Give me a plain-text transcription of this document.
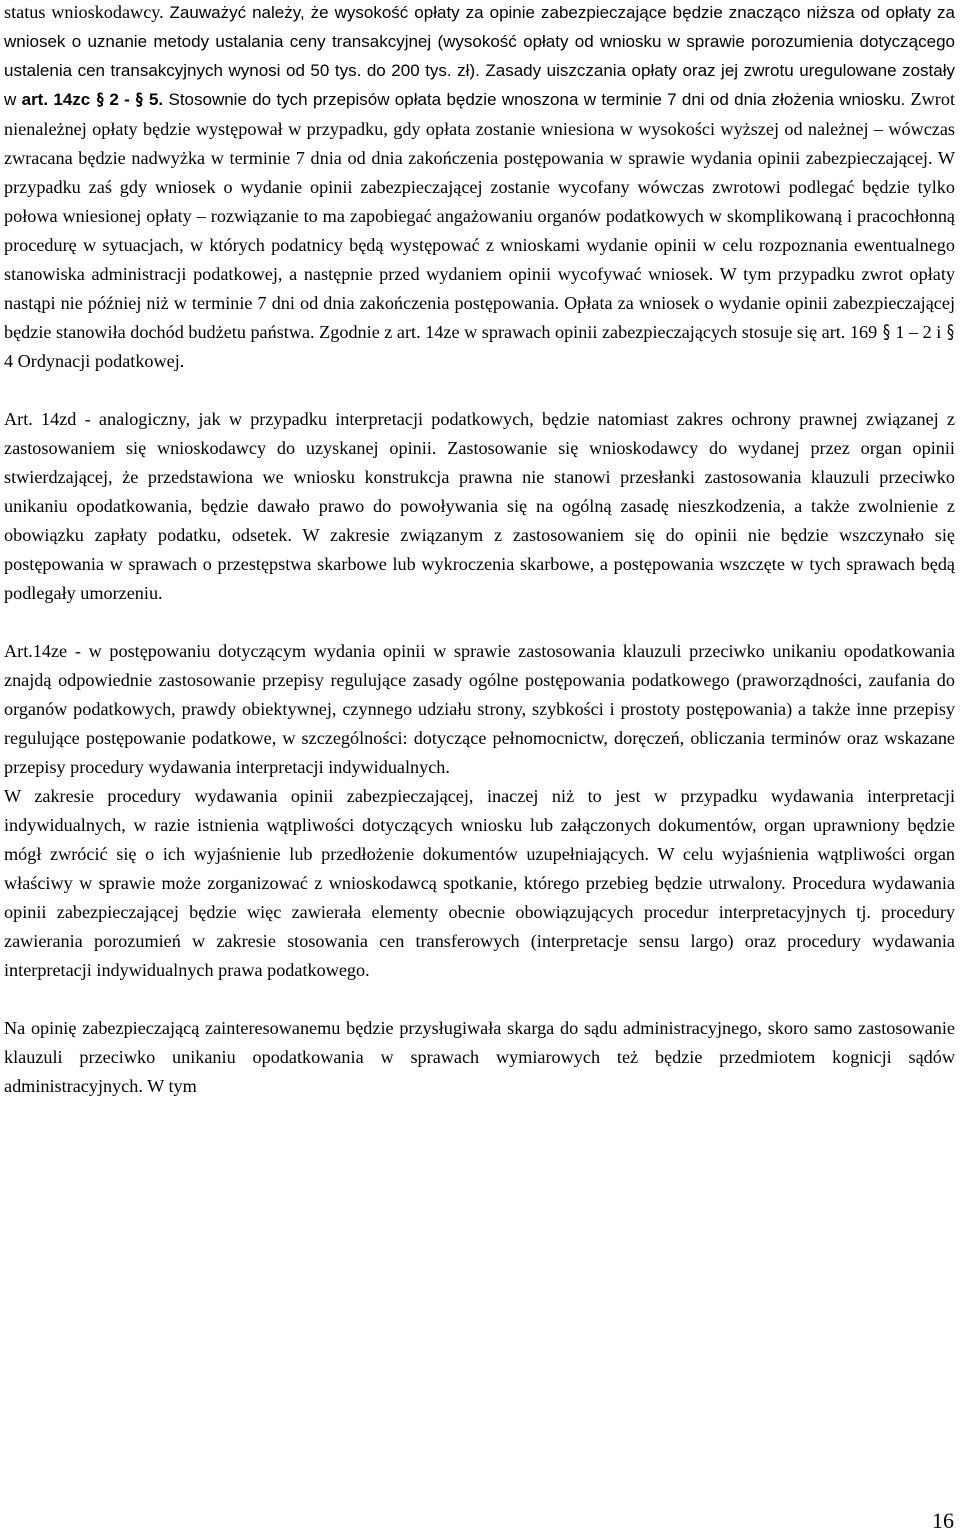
status wnioskodawcy. Zauważyć należy, że wysokość opłaty za opinie zabezpieczające będzie znacząco niższa od opłaty za wniosek o uznanie metody ustalania ceny transakcyjnej (wysokość opłaty od wniosku w sprawie porozumienia dotyczącego ustalenia cen transakcyjnych wynosi od 50 tys. do 200 tys. zł). Zasady uiszczania opłaty oraz jej zwrotu uregulowane zostały w art. 14zc § 2 - § 5. Stosownie do tych przepisów opłata będzie wnoszona w terminie 7 dni od dnia złożenia wniosku. Zwrot nienależnej opłaty będzie występował w przypadku, gdy opłata zostanie wniesiona w wysokości wyższej od należnej – wówczas zwracana będzie nadwyżka w terminie 7 dnia od dnia zakończenia postępowania w sprawie wydania opinii zabezpieczającej. W przypadku zaś gdy wniosek o wydanie opinii zabezpieczającej zostanie wycofany wówczas zwrotowi podlegać będzie tylko połowa wniesionej opłaty – rozwiązanie to ma zapobiegać angażowaniu organów podatkowych w skomplikowaną i pracochłonną procedurę w sytuacjach, w których podatnicy będą występować z wnioskami wydanie opinii w celu rozpoznania ewentualnego stanowiska administracji podatkowej, a następnie przed wydaniem opinii wycofywać wniosek. W tym przypadku zwrot opłaty nastąpi nie później niż w terminie 7 dni od dnia zakończenia postępowania. Opłata za wniosek o wydanie opinii zabezpieczającej będzie stanowiła dochód budżetu państwa. Zgodnie z art. 14ze w sprawach opinii zabezpieczających stosuje się art. 169 § 1 – 2 i § 4 Ordynacji podatkowej.

Art. 14zd - analogiczny, jak w przypadku interpretacji podatkowych, będzie natomiast zakres ochrony prawnej związanej z zastosowaniem się wnioskodawcy do uzyskanej opinii. Zastosowanie się wnioskodawcy do wydanej przez organ opinii stwierdzającej, że przedstawiona we wniosku konstrukcja prawna nie stanowi przesłanki zastosowania klauzuli przeciwko unikaniu opodatkowania, będzie dawało prawo do powoływania się na ogólną zasadę nieszkodzenia, a także zwolnienie z obowiązku zapłaty podatku, odsetek. W zakresie związanym z zastosowaniem się do opinii nie będzie wszczynało się postępowania w sprawach o przestępstwa skarbowe lub wykroczenia skarbowe, a postępowania wszczęte w tych sprawach będą podlegały umorzeniu.

Art.14ze - w postępowaniu dotyczącym wydania opinii w sprawie zastosowania klauzuli przeciwko unikaniu opodatkowania znajdą odpowiednie zastosowanie przepisy regulujące zasady ogólne postępowania podatkowego (praworządności, zaufania do organów podatkowych, prawdy obiektywnej, czynnego udziału strony, szybkości i prostoty postępowania) a także inne przepisy regulujące postępowanie podatkowe, w szczególności: dotyczące pełnomocnictw, doręczeń, obliczania terminów oraz wskazane przepisy procedury wydawania interpretacji indywidualnych.

W zakresie procedury wydawania opinii zabezpieczającej, inaczej niż to jest w przypadku wydawania interpretacji indywidualnych, w razie istnienia wątpliwości dotyczących wniosku lub załączonych dokumentów, organ uprawniony będzie mógł zwrócić się o ich wyjaśnienie lub przedłożenie dokumentów uzupełniających. W celu wyjaśnienia wątpliwości organ właściwy w sprawie może zorganizować z wnioskodawcą spotkanie, którego przebieg będzie utrwalony. Procedura wydawania opinii zabezpieczającej będzie więc zawierała elementy obecnie obowiązujących procedur interpretacyjnych tj. procedury zawierania porozumień w zakresie stosowania cen transferowych (interpretacje sensu largo) oraz procedury wydawania interpretacji indywidualnych prawa podatkowego.

Na opinię zabezpieczającą zainteresowanemu będzie przysługiwała skarga do sądu administracyjnego, skoro samo zastosowanie klauzuli przeciwko unikaniu opodatkowania w sprawach wymiarowych też będzie przedmiotem kognicji sądów administracyjnych. W tym

16
